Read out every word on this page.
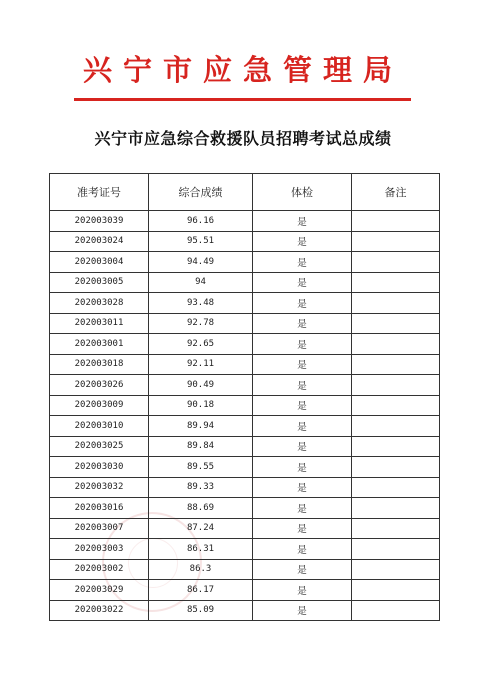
兴宁市应急管理局
兴宁市应急综合救援队员招聘考试总成绩
准考证号	综合成绩	体检	备注
202003039	96.16	是	
202003024	95.51	是	
202003004	94.49	是	
202003005	94	是	
202003028	93.48	是	
202003011	92.78	是	
202003001	92.65	是	
202003018	92.11	是	
202003026	90.49	是	
202003009	90.18	是	
202003010	89.94	是	
202003025	89.84	是	
202003030	89.55	是	
202003032	89.33	是	
202003016	88.69	是	
202003007	87.24	是	
202003003	86.31	是	
202003002	86.3	是	
202003029	86.17	是	
202003022	85.09	是	
